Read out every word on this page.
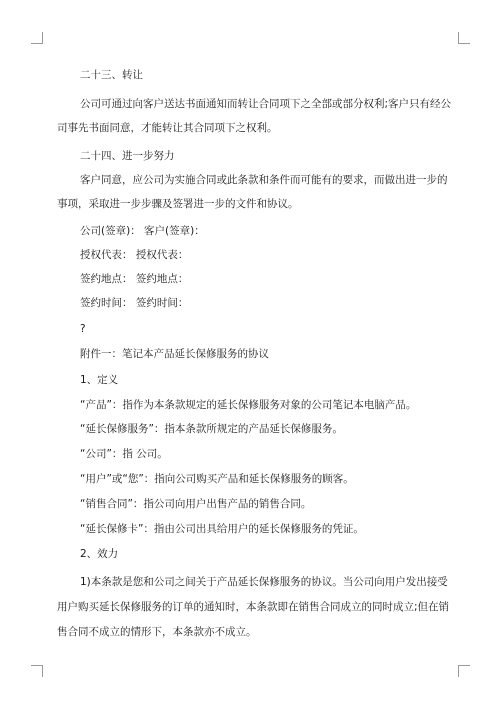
二十三、转让
公司可通过向客户送达书面通知而转让合同项下之全部或部分权利;客户只有经公
司事先书面同意，才能转让其合同项下之权利。
二十四、进一步努力
客户同意，应公司为实施合同或此条款和条件而可能有的要求，而做出进一步的
事项，采取进一步步骤及签署进一步的文件和协议。
公司(签章)： 客户(签章)：
授权代表： 授权代表：
签约地点： 签约地点：
签约时间： 签约时间：
?
附件一：笔记本产品延长保修服务的协议
1、定义
“产品”：指作为本条款规定的延长保修服务对象的公司笔记本电脑产品。
“延长保修服务”：指本条款所规定的产品延长保修服务。
“公司”：指 公司。
“用户”或“您”：指向公司购买产品和延长保修服务的顾客。
“销售合同”：指公司向用户出售产品的销售合同。
“延长保修卡”：指由公司出具给用户的延长保修服务的凭证。
2、效力
1)本条款是您和公司之间关于产品延长保修服务的协议。当公司向用户发出接受
用户购买延长保修服务的订单的通知时，本条款即在销售合同成立的同时成立;但在销
售合同不成立的情形下，本条款亦不成立。
